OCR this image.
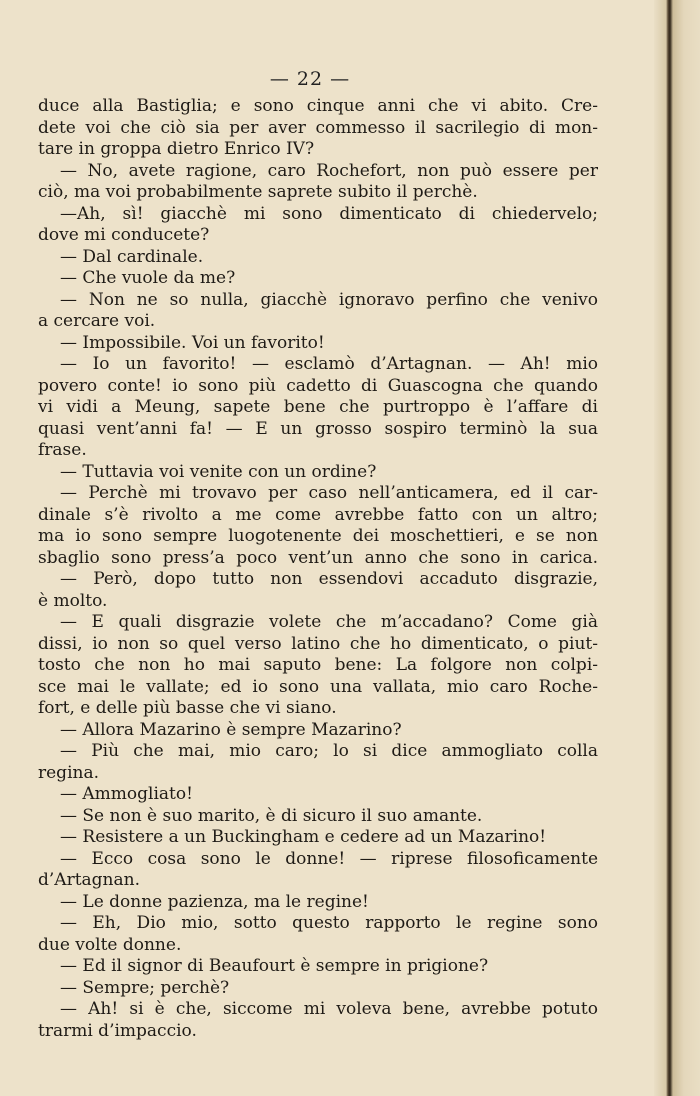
— 22 —
duce alla Bastiglia; e sono cinque anni che vi abito. Cre-
dete voi che ciò sia per aver commesso il sacrilegio di mon-
tare in groppa dietro Enrico IV?
— No, avete ragione, caro Rochefort, non può essere per
ciò, ma voi probabilmente saprete subito il perchè.
—Ah, sì! giacchè mi sono dimenticato di chiedervelo;
dove mi conducete?
— Dal cardinale.
— Che vuole da me?
— Non ne so nulla, giacchè ignoravo perfino che venivo
a cercare voi.
— Impossibile. Voi un favorito!
— Io un favorito! — esclamò d’Artagnan. — Ah! mio
povero conte! io sono più cadetto di Guascogna che quando
vi vidi a Meung, sapete bene che purtroppo è l’affare di
quasi vent’anni fa! — E un grosso sospiro terminò la sua
frase.
— Tuttavia voi venite con un ordine?
— Perchè mi trovavo per caso nell’anticamera, ed il car-
dinale s’è rivolto a me come avrebbe fatto con un altro;
ma io sono sempre luogotenente dei moschettieri, e se non
sbaglio sono press’a poco vent’un anno che sono in carica.
— Però, dopo tutto non essendovi accaduto disgrazie,
è molto.
— E quali disgrazie volete che m’accadano? Come già
dissi, io non so quel verso latino che ho dimenticato, o piut-
tosto che non ho mai saputo bene: La folgore non colpi-
sce mai le vallate; ed io sono una vallata, mio caro Roche-
fort, e delle più basse che vi siano.
— Allora Mazarino è sempre Mazarino?
— Più che mai, mio caro; lo si dice ammogliato colla
regina.
— Ammogliato!
— Se non è suo marito, è di sicuro il suo amante.
— Resistere a un Buckingham e cedere ad un Mazarino!
— Ecco cosa sono le donne! — riprese filosoficamente
d’Artagnan.
— Le donne pazienza, ma le regine!
— Eh, Dio mio, sotto questo rapporto le regine sono
due volte donne.
— Ed il signor di Beaufourt è sempre in prigione?
— Sempre; perchè?
— Ah! si è che, siccome mi voleva bene, avrebbe potuto
trarmi d’impaccio.
